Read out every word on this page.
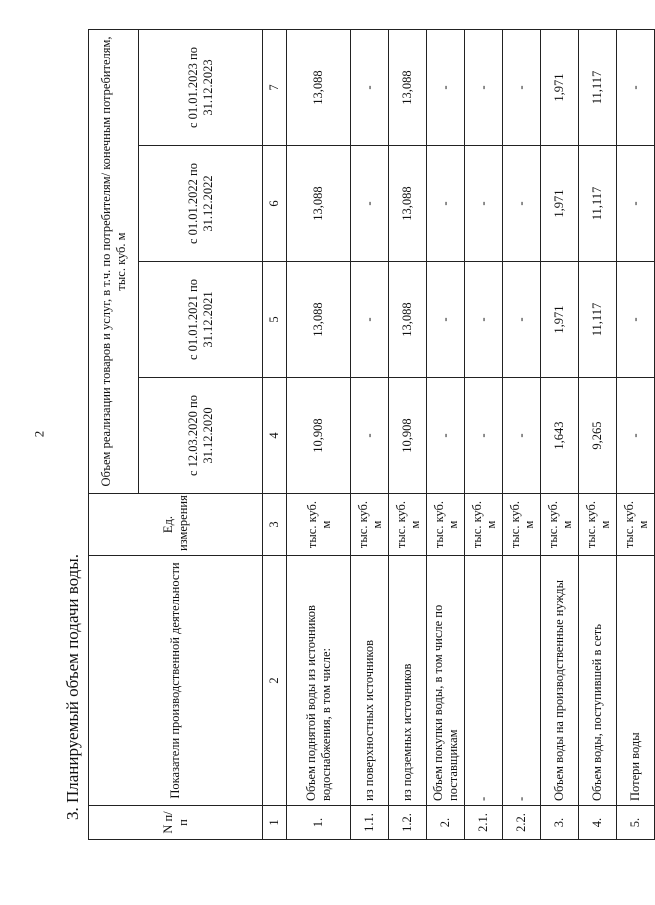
2
3. Планируемый объем подачи воды.
N п/п	Показатели производственной деятельности	Ед. измерения	Объем реализации товаров и услуг, в т.ч. по потребителям/ конечным потребителям, тыс. куб. м			
			с 12.03.2020 по 31.12.2020	с 01.01.2021 по 31.12.2021	с 01.01.2022 по 31.12.2022	с 01.01.2023 по 31.12.2023
1	2	3	4	5	6	7
1.	Объем поднятой воды из источников водоснабжения, в том числе:	тыс. куб. м	10,908	13,088	13,088	13,088
1.1.	из поверхностных источников	тыс. куб. м	-	-	-	-
1.2.	из подземных источников	тыс. куб. м	10,908	13,088	13,088	13,088
2.	Объем покупки воды, в том числе по поставщикам	тыс. куб. м	-	-	-	-
2.1.	-	тыс. куб. м	-	-	-	-
2.2.	-	тыс. куб. м	-	-	-	-
3.	Объем воды на производственные нужды	тыс. куб. м	1,643	1,971	1,971	1,971
4.	Объем воды, поступившей в сеть	тыс. куб. м	9,265	11,117	11,117	11,117
5.	Потери воды	тыс. куб. м	-	-	-	-
